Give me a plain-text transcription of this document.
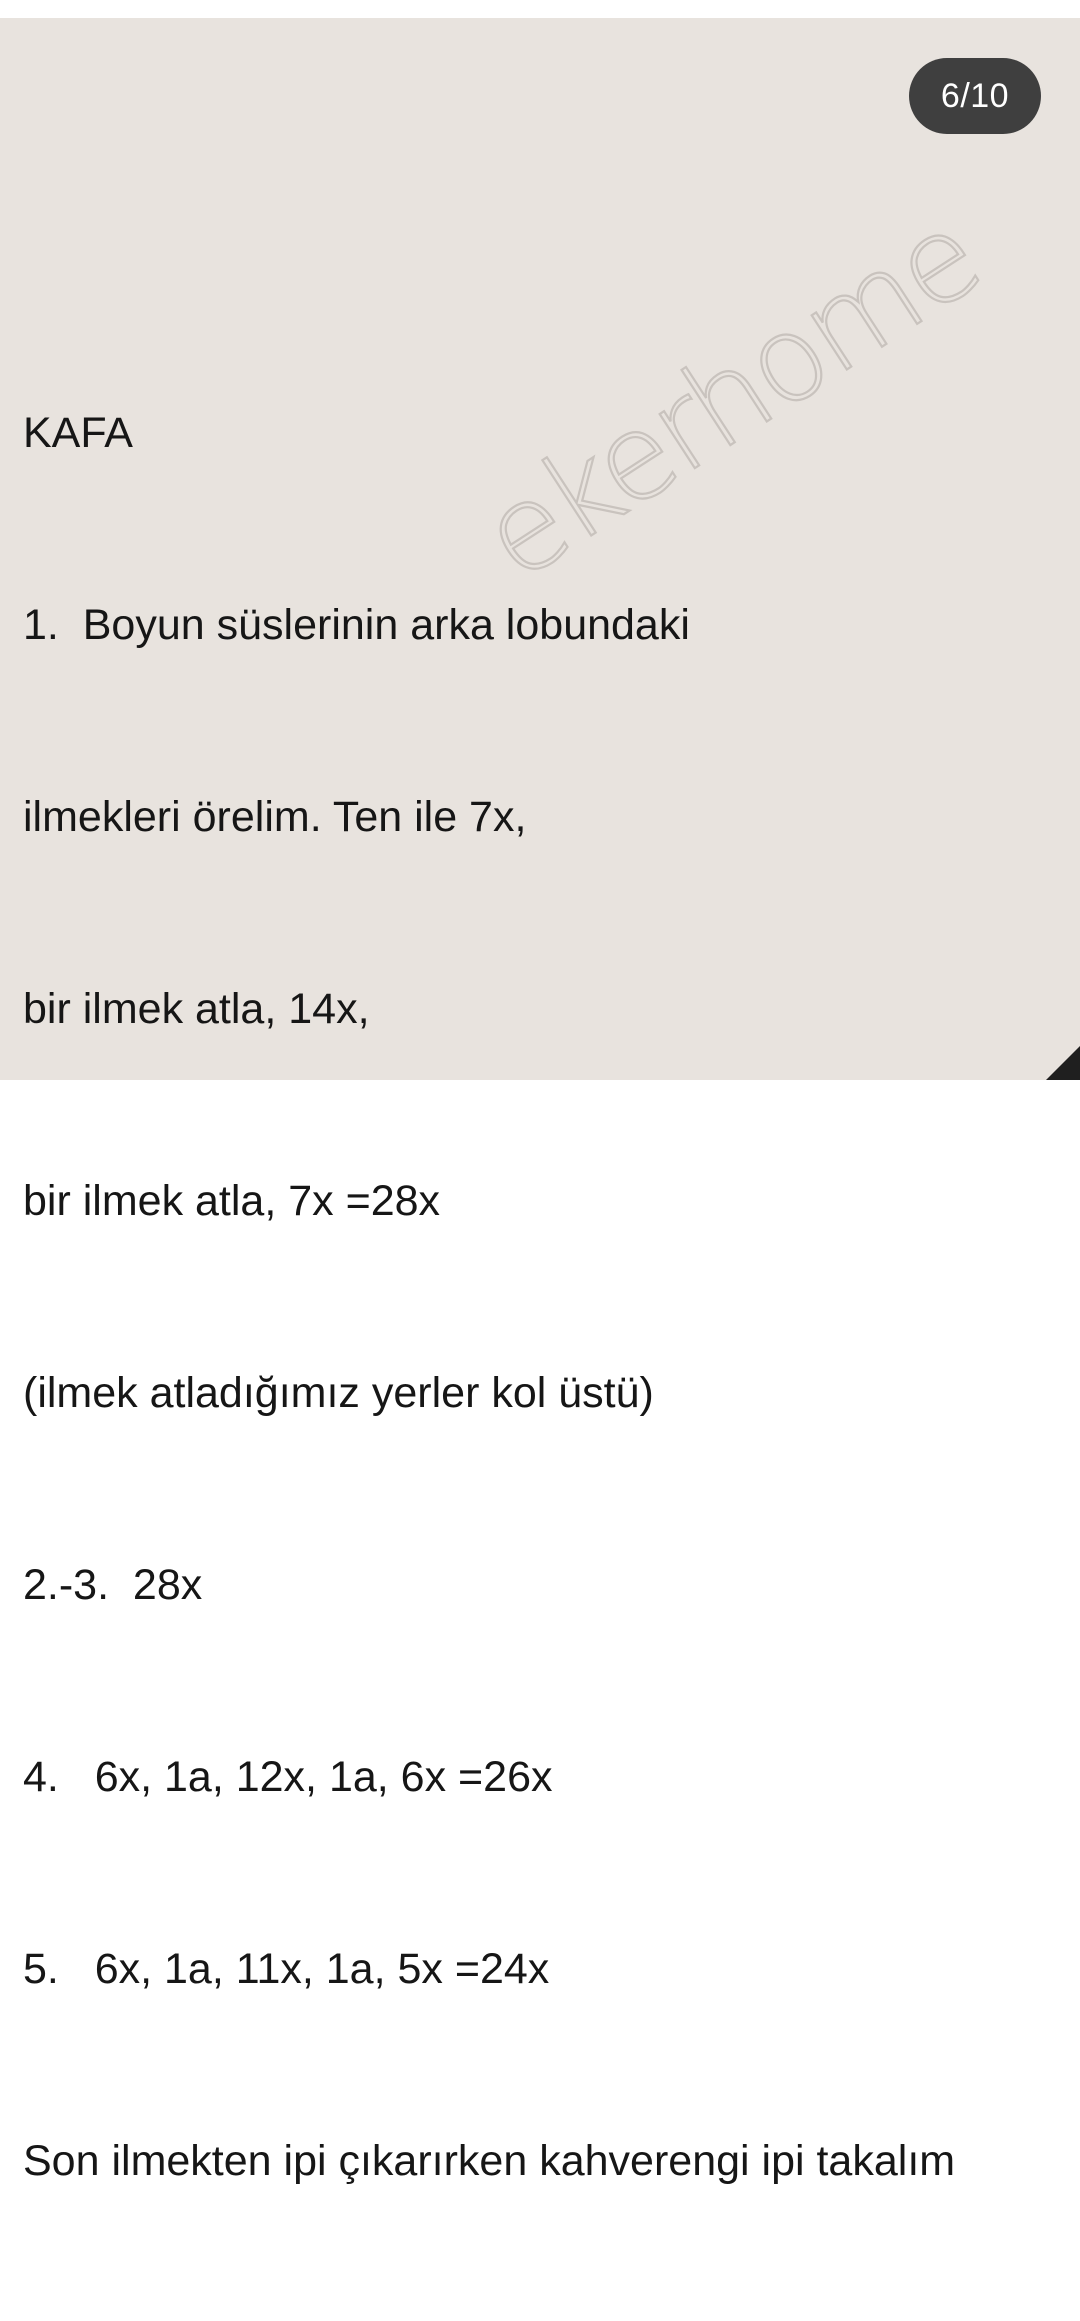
6/10
ekerhome

KAFA

1.  Boyun süslerinin arka lobundaki

ilmekleri örelim. Ten ile 7x,

bir ilmek atla, 14x,

bir ilmek atla, 7x =28x

(ilmek atladığımız yerler kol üstü)

2.-3.  28x

4.   6x, 1a, 12x, 1a, 6x =26x

5.   6x, 1a, 11x, 1a, 5x =24x

Son ilmekten ipi çıkarırken kahverengi ipi takalım
